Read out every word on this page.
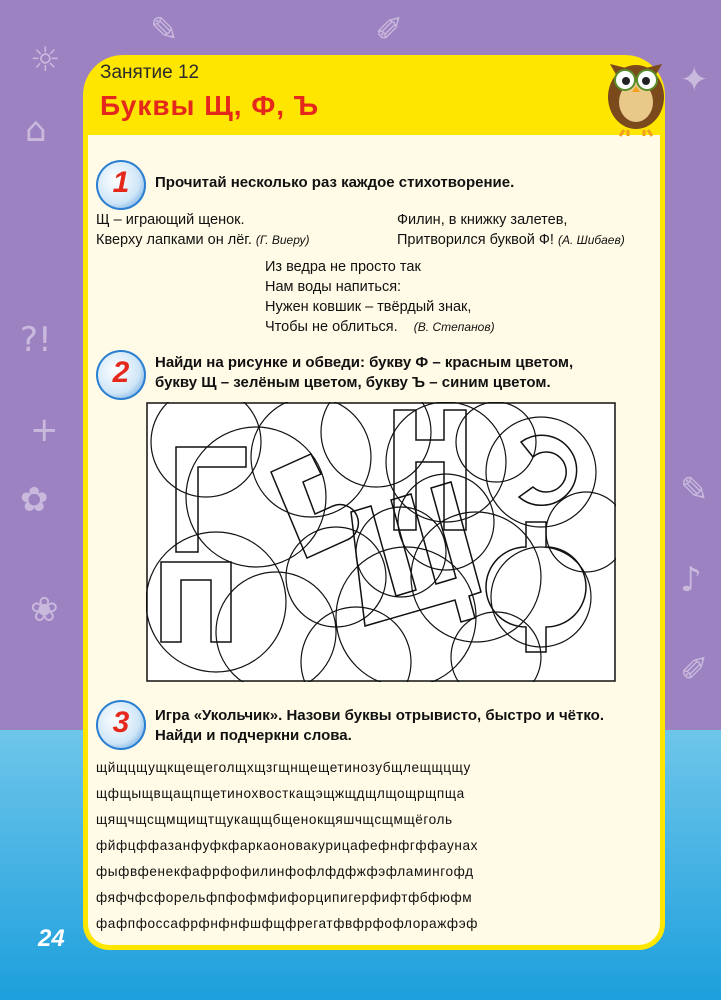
☼
✎	✐
✦
⌂
?!
+
✿
❀
✎
♪
✐
Занятие 12
Буквы Щ, Ф, Ъ
1	Прочитай несколько раз каждое стихотворение.
Щ – играющий щенок.
Кверху лапками он лёг. (Г. Виеру)
Филин, в книжку залетев,
Притворился буквой Ф! (А. Шибаев)
Из ведра не просто так
Нам воды напиться:
Нужен ковшик – твёрдый знак,
Чтобы не облиться. (В. Степанов)
2	Найди на рисунке и обведи: букву Ф – красным цветом,
букву Щ – зелёным цветом, букву Ъ – синим цветом.
3	Игра «Укольчик». Назови буквы отрывисто, быстро и чётко.
Найди и подчеркни слова.
щйщцщущкщещеголщхщзгщнщещетинозубщлещщцщу
щфщыщвщащпщетинохвосткащэщжщдщлщощрщпща
щящчщсщмщищтщукащщбщенокщяшчщсщмщёголь
фйфцффазанфуфкфаркаоновакурицафефнфгффаунах
фыфвфенекфафрфофилинфофлфдфжфэфламингофд
фяфчфсфорельфпфофмфифорципигерфифтфбфюфм
фафпфоссафрфнфнфшфщфрегатфвфрфофлоражфэф
24
